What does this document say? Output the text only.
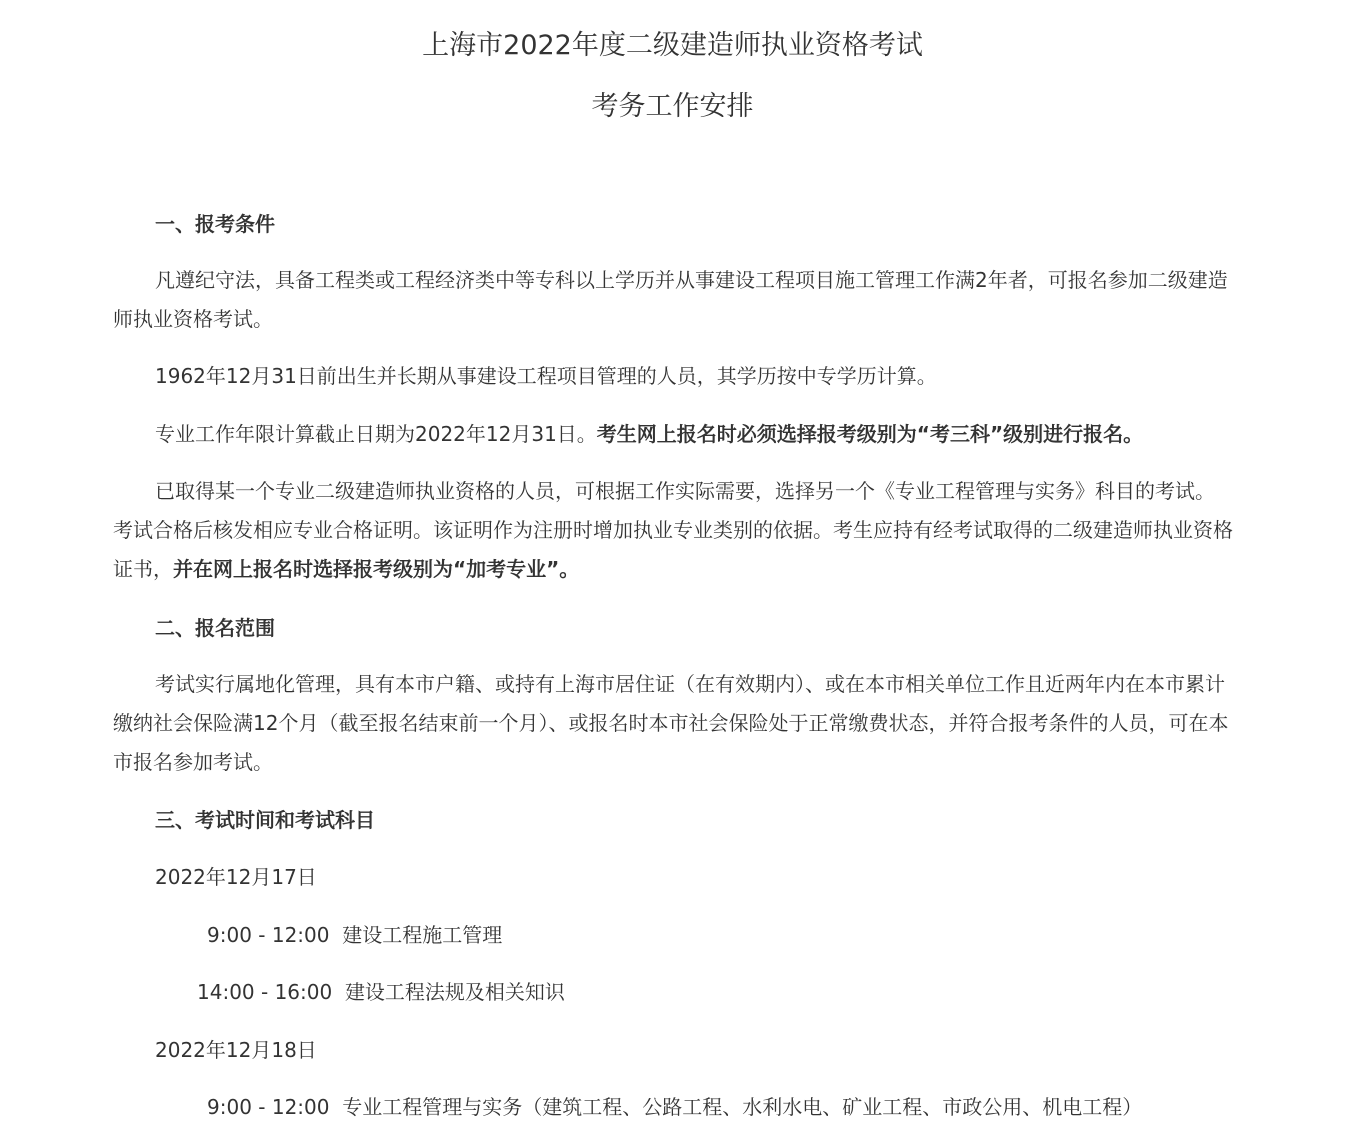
上海市2022年度二级建造师执业资格考试
考务工作安排

一、报考条件

凡遵纪守法，具备工程类或工程经济类中等专科以上学历并从事建设工程项目施工管理工作满2年者，可报名参加二级建造师执业资格考试。

1962年12月31日前出生并长期从事建设工程项目管理的人员，其学历按中专学历计算。

专业工作年限计算截止日期为2022年12月31日。考生网上报名时必须选择报考级别为“考三科”级别进行报名。

已取得某一个专业二级建造师执业资格的人员，可根据工作实际需要，选择另一个《专业工程管理与实务》科目的考试。考试合格后核发相应专业合格证明。该证明作为注册时增加执业专业类别的依据。考生应持有经考试取得的二级建造师执业资格证书，并在网上报名时选择报考级别为“加考专业”。

二、报名范围

考试实行属地化管理，具有本市户籍、或持有上海市居住证（在有效期内）、或在本市相关单位工作且近两年内在本市累计缴纳社会保险满12个月（截至报名结束前一个月）、或报名时本市社会保险处于正常缴费状态，并符合报考条件的人员，可在本市报名参加考试。

三、考试时间和考试科目

2022年12月17日

9:00 - 12:00 建设工程施工管理
14:00 - 16:00 建设工程法规及相关知识
2022年12月18日
9:00 - 12:00 专业工程管理与实务（建筑工程、公路工程、水利水电、矿业工程、市政公用、机电工程）
